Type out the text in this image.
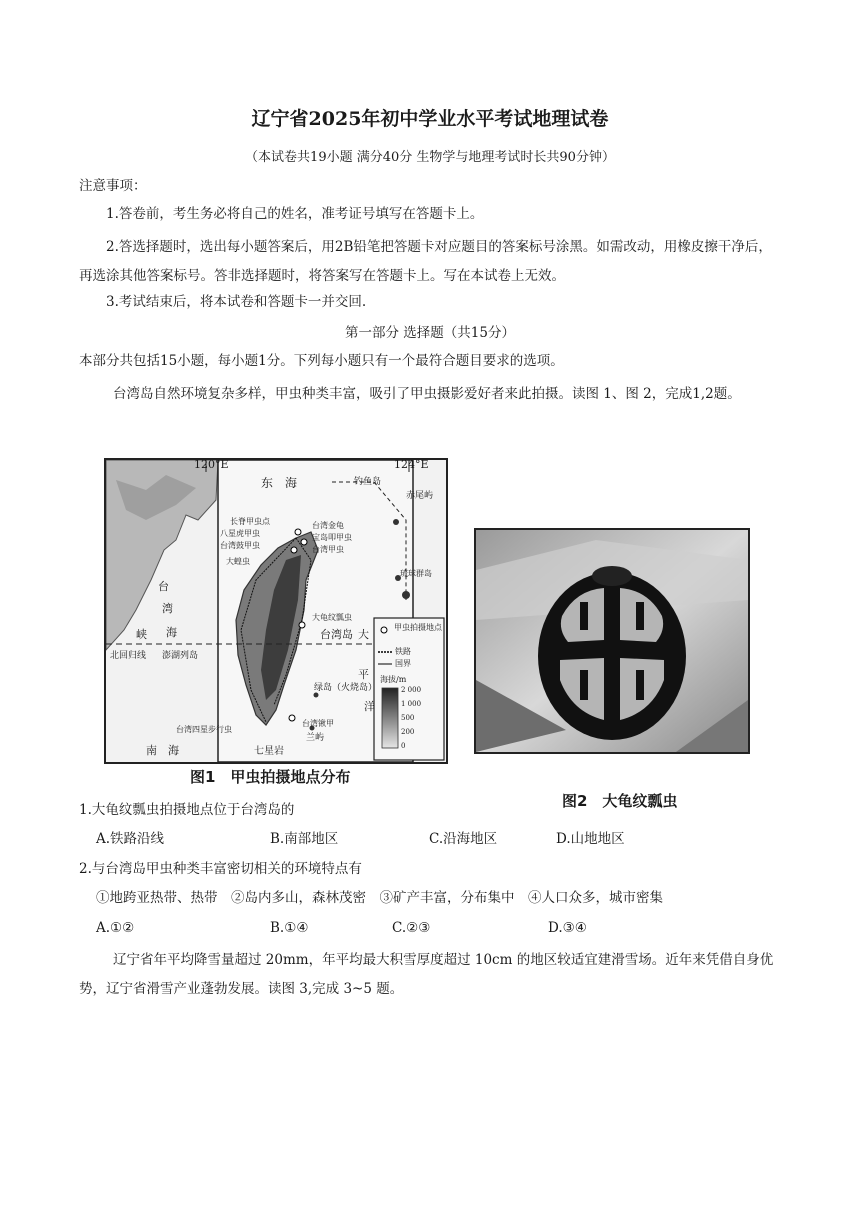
辽宁省2025年初中学业水平考试地理试卷
（本试卷共19小题 满分40分 生物学与地理考试时长共90分钟）
注意事项：
1.答卷前，考生务必将自己的姓名，准考证号填写在答题卡上。
2.答选择题时，选出每小题答案后，用2B铅笔把答题卡对应题目的答案标号涂黑。如需改动，用橡皮擦干净后，再选涂其他答案标号。答非选择题时，将答案写在答题卡上。写在本试卷上无效。
3.考试结束后，将本试卷和答题卡一并交回.
第一部分 选择题（共15分）
本部分共包括15小题，每小题1分。下列每小题只有一个最符合题目要求的选项。
台湾岛自然环境复杂多样，甲虫种类丰富，吸引了甲虫摄影爱好者来此拍摄。读图 1、图 2，完成1,2题。
120°E	124°E
东　海	钓鱼岛
赤尾屿
台
湾
海
峡
北回归线 澎湖列岛
台湾岛 大
平
洋
绿岛（火烧岛）
兰屿
七星岩
南　海
琉球群岛
长脊甲虫点
八星虎甲虫
台湾鼓甲虫
大蝗虫
台湾金龟
台湾甲虫
大龟纹瓢虫
台湾四星步行虫
台湾锹甲
宝岛叩甲虫
甲虫拍摄地点
铁路
国界
海拔/m
2 000
1 000
500
200
0
图1　甲虫拍摄地点分布
图2　大龟纹瓢虫
1.大龟纹瓢虫拍摄地点位于台湾岛的
A.铁路沿线	B.南部地区	C.沿海地区	D.山地地区
2.与台湾岛甲虫种类丰富密切相关的环境特点有
①地跨亚热带、热带　②岛内多山，森林茂密　③矿产丰富，分布集中　④人口众多，城市密集
A.①②	B.①④	C.②③	D.③④
辽宁省年平均降雪量超过 20mm，年平均最大积雪厚度超过 10cm 的地区较适宜建滑雪场。近年来凭借自身优势，辽宁省滑雪产业蓬勃发展。读图 3,完成 3~5 题。
